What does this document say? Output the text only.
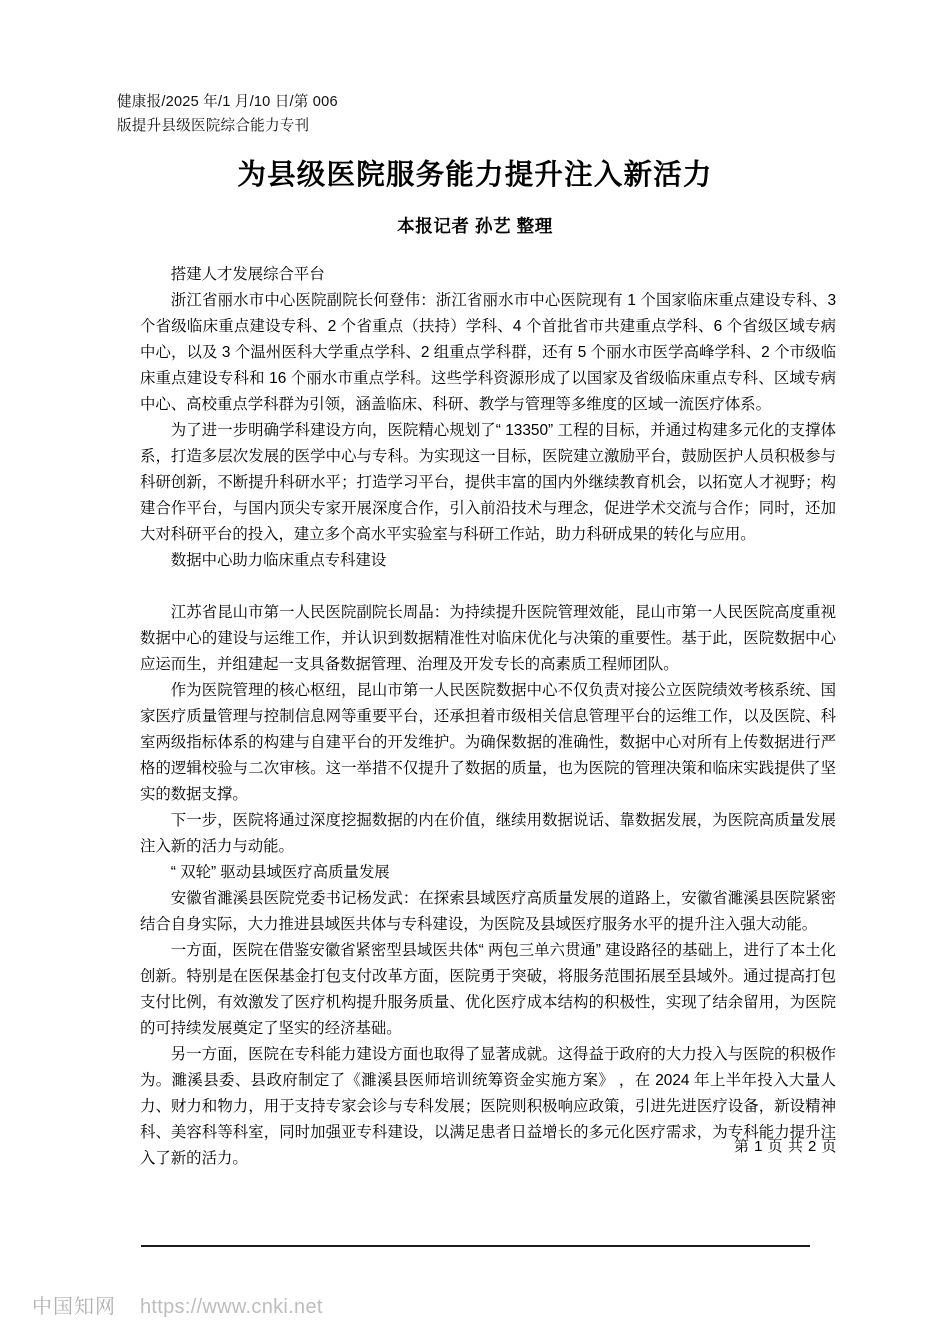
健康报/2025 年/1 月/10 日/第 006
版提升县级医院综合能力专刊
为县级医院服务能力提升注入新活力
本报记者 孙艺 整理

搭建人才发展综合平台

浙江省丽水市中心医院副院长何登伟：浙江省丽水市中心医院现有 1 个国家临床重点建设专科、3 个省级临床重点建设专科、2 个省重点（扶持）学科、4 个首批省市共建重点学科、6 个省级区域专病中心，以及 3 个温州医科大学重点学科、2 组重点学科群，还有 5 个丽水市医学高峰学科、2 个市级临床重点建设专科和 16 个丽水市重点学科。这些学科资源形成了以国家及省级临床重点专科、区域专病中心、高校重点学科群为引领，涵盖临床、科研、教学与管理等多维度的区域一流医疗体系。

为了进一步明确学科建设方向，医院精心规划了“ 13350” 工程的目标，并通过构建多元化的支撑体系，打造多层次发展的医学中心与专科。为实现这一目标，医院建立激励平台，鼓励医护人员积极参与科研创新，不断提升科研水平；打造学习平台，提供丰富的国内外继续教育机会，以拓宽人才视野；构建合作平台，与国内顶尖专家开展深度合作，引入前沿技术与理念，促进学术交流与合作；同时，还加大对科研平台的投入，建立多个高水平实验室与科研工作站，助力科研成果的转化与应用。

数据中心助力临床重点专科建设

江苏省昆山市第一人民医院副院长周晶：为持续提升医院管理效能，昆山市第一人民医院高度重视数据中心的建设与运维工作，并认识到数据精准性对临床优化与决策的重要性。基于此，医院数据中心应运而生，并组建起一支具备数据管理、治理及开发专长的高素质工程师团队。

作为医院管理的核心枢纽，昆山市第一人民医院数据中心不仅负责对接公立医院绩效考核系统、国家医疗质量管理与控制信息网等重要平台，还承担着市级相关信息管理平台的运维工作，以及医院、科室两级指标体系的构建与自建平台的开发维护。为确保数据的准确性，数据中心对所有上传数据进行严格的逻辑校验与二次审核。这一举措不仅提升了数据的质量，也为医院的管理决策和临床实践提供了坚实的数据支撑。

下一步，医院将通过深度挖掘数据的内在价值，继续用数据说话、靠数据发展，为医院高质量发展注入新的活力与动能。

“ 双轮” 驱动县域医疗高质量发展

安徽省濉溪县医院党委书记杨发武：在探索县域医疗高质量发展的道路上，安徽省濉溪县医院紧密结合自身实际，大力推进县域医共体与专科建设，为医院及县域医疗服务水平的提升注入强大动能。

一方面，医院在借鉴安徽省紧密型县域医共体“ 两包三单六贯通” 建设路径的基础上，进行了本土化创新。特别是在医保基金打包支付改革方面，医院勇于突破，将服务范围拓展至县域外。通过提高打包支付比例，有效激发了医疗机构提升服务质量、优化医疗成本结构的积极性，实现了结余留用，为医院的可持续发展奠定了坚实的经济基础。

另一方面，医院在专科能力建设方面也取得了显著成就。这得益于政府的大力投入与医院的积极作为。濉溪县委、县政府制定了《濉溪县医师培训统筹资金实施方案》 ，在 2024 年上半年投入大量人力、财力和物力，用于支持专家会诊与专科发展；医院则积极响应政策，引进先进医疗设备，新设精神科、美容科等科室，同时加强亚专科建设，以满足患者日益增长的多元化医疗需求，为专科能力提升注入了新的活力。

第 1 页 共 2 页
中国知网 https://www.cnki.net
